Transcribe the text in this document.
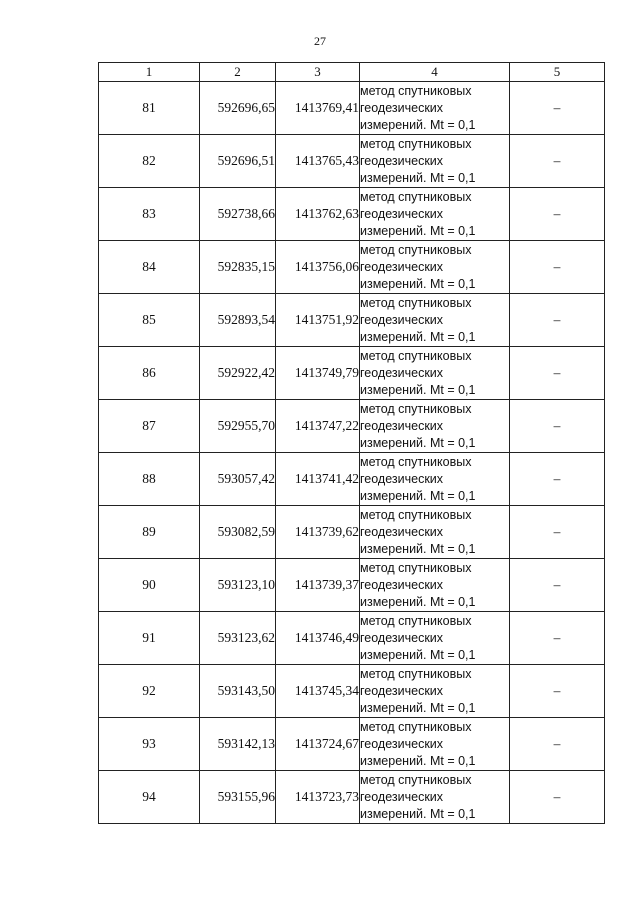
27
1	2	3	4	5
81	592696,65	1413769,41	метод спутниковых
геодезических
измерений. Mt = 0,1	–
82	592696,51	1413765,43	метод спутниковых
геодезических
измерений. Mt = 0,1	–
83	592738,66	1413762,63	метод спутниковых
геодезических
измерений. Mt = 0,1	–
84	592835,15	1413756,06	метод спутниковых
геодезических
измерений. Mt = 0,1	–
85	592893,54	1413751,92	метод спутниковых
геодезических
измерений. Mt = 0,1	–
86	592922,42	1413749,79	метод спутниковых
геодезических
измерений. Mt = 0,1	–
87	592955,70	1413747,22	метод спутниковых
геодезических
измерений. Mt = 0,1	–
88	593057,42	1413741,42	метод спутниковых
геодезических
измерений. Mt = 0,1	–
89	593082,59	1413739,62	метод спутниковых
геодезических
измерений. Mt = 0,1	–
90	593123,10	1413739,37	метод спутниковых
геодезических
измерений. Mt = 0,1	–
91	593123,62	1413746,49	метод спутниковых
геодезических
измерений. Mt = 0,1	–
92	593143,50	1413745,34	метод спутниковых
геодезических
измерений. Mt = 0,1	–
93	593142,13	1413724,67	метод спутниковых
геодезических
измерений. Mt = 0,1	–
94	593155,96	1413723,73	метод спутниковых
геодезических
измерений. Mt = 0,1	–
